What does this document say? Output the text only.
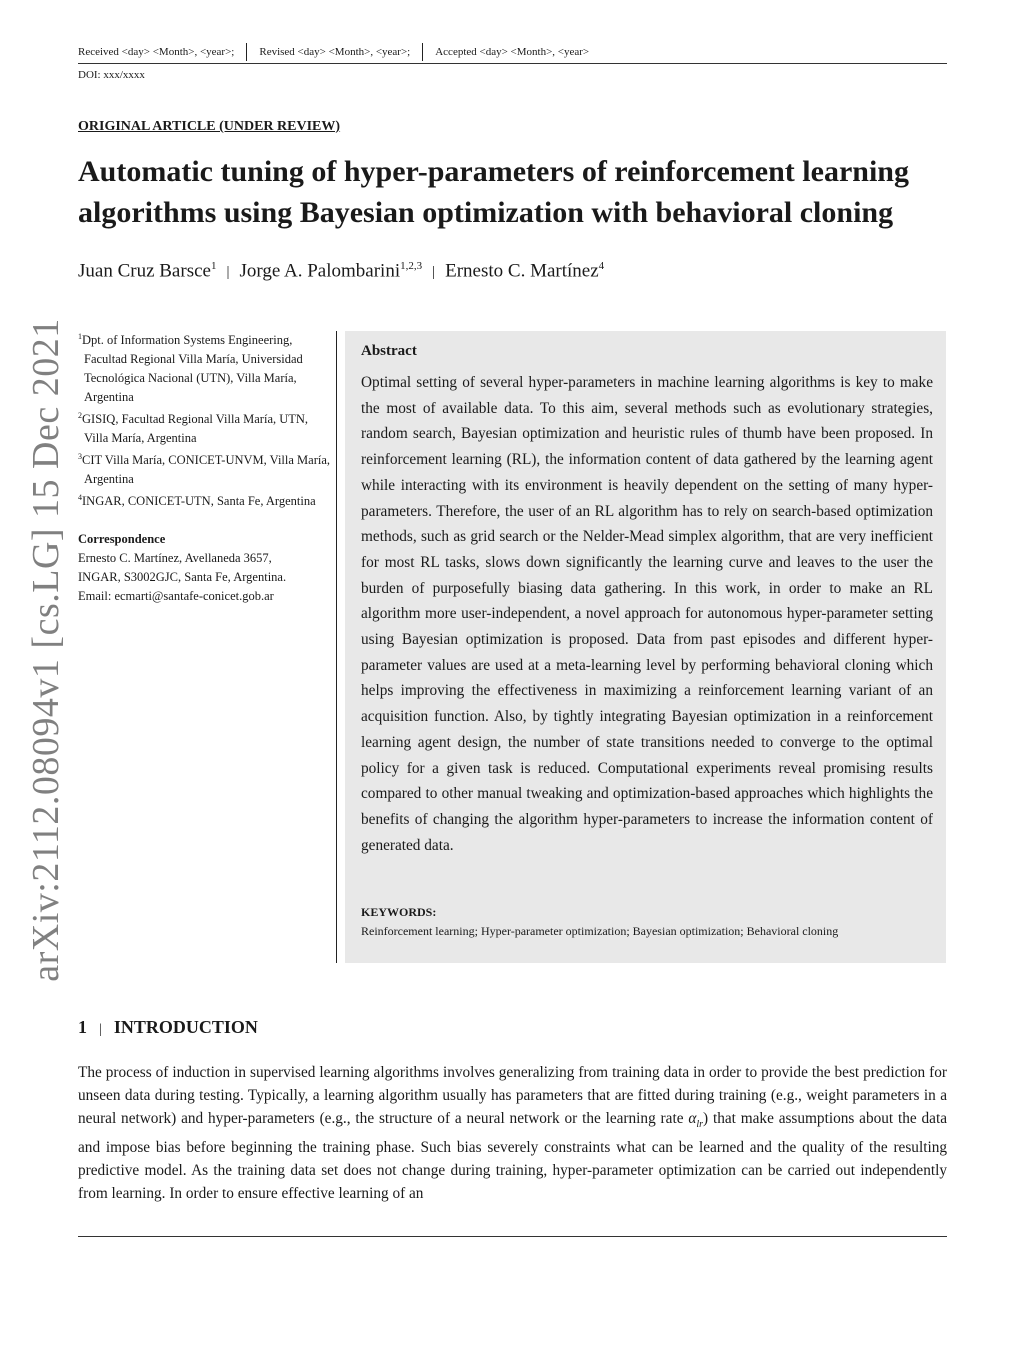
Received <day> <Month>, <year>; Revised <day> <Month>, <year>; Accepted <day> <Month>, <year>
DOI: xxx/xxxx
ORIGINAL ARTICLE (UNDER REVIEW)
Automatic tuning of hyper-parameters of reinforcement learning algorithms using Bayesian optimization with behavioral cloning
Juan Cruz Barsce$^1$ | Jorge A. Palombarini$^{1,2,3}$ | Ernesto C. Martínez$^4$
arXiv:2112.08094v1 [cs.LG] 15 Dec 2021 $^1$Dpt. of Information Systems Engineering, Facultad Regional Villa María, Universidad Tecnológica Nacional (UTN), Villa María, Argentina
$^2$GISIQ, Facultad Regional Villa María, UTN, Villa María, Argentina
$^3$CIT Villa María, CONICET-UNVM, Villa María, Argentina
$^4$INGAR, CONICET-UTN, Santa Fe, Argentina
Correspondence
Ernesto C. Martínez, Avellaneda 3657,
INGAR, S3002GJC, Santa Fe, Argentina.
Email: ecmarti@santafe-conicet.gob.ar
Abstract
Optimal setting of several hyper-parameters in machine learning algorithms is key to make the most of available data. To this aim, several methods such as evolutionary strategies, random search, Bayesian optimization and heuristic rules of thumb have been proposed. In reinforcement learning (RL), the information content of data gathered by the learning agent while interacting with its environment is heavily dependent on the setting of many hyper-parameters. Therefore, the user of an RL algorithm has to rely on search-based optimization methods, such as grid search or the Nelder-Mead simplex algorithm, that are very inefficient for most RL tasks, slows down significantly the learning curve and leaves to the user the burden of purposefully biasing data gathering. In this work, in order to make an RL algorithm more user-independent, a novel approach for autonomous hyper-parameter setting using Bayesian optimization is proposed. Data from past episodes and different hyper-parameter values are used at a meta-learning level by performing behavioral cloning which helps improving the effectiveness in maximizing a reinforcement learning variant of an acquisition function. Also, by tightly integrating Bayesian optimization in a reinforcement learning agent design, the number of state transitions needed to converge to the optimal policy for a given task is reduced. Computational experiments reveal promising results compared to other manual tweaking and optimization-based approaches which highlights the benefits of changing the algorithm hyper-parameters to increase the information content of generated data.
KEYWORDS:
Reinforcement learning; Hyper-parameter optimization; Bayesian optimization; Behavioral cloning
1 | INTRODUCTION
The process of induction in supervised learning algorithms involves generalizing from training data in order to provide the best prediction for unseen data during testing. Typically, a learning algorithm usually has parameters that are fitted during training (e.g., weight parameters in a neural network) and hyper-parameters (e.g., the structure of a neural network or the learning rate $\alpha_{lr}$) that make assumptions about the data and impose bias before beginning the training phase. Such bias severely constraints what can be learned and the quality of the resulting predictive model. As the training data set does not change during training, hyper-parameter optimization can be carried out independently from learning. In order to ensure effective learning of an
